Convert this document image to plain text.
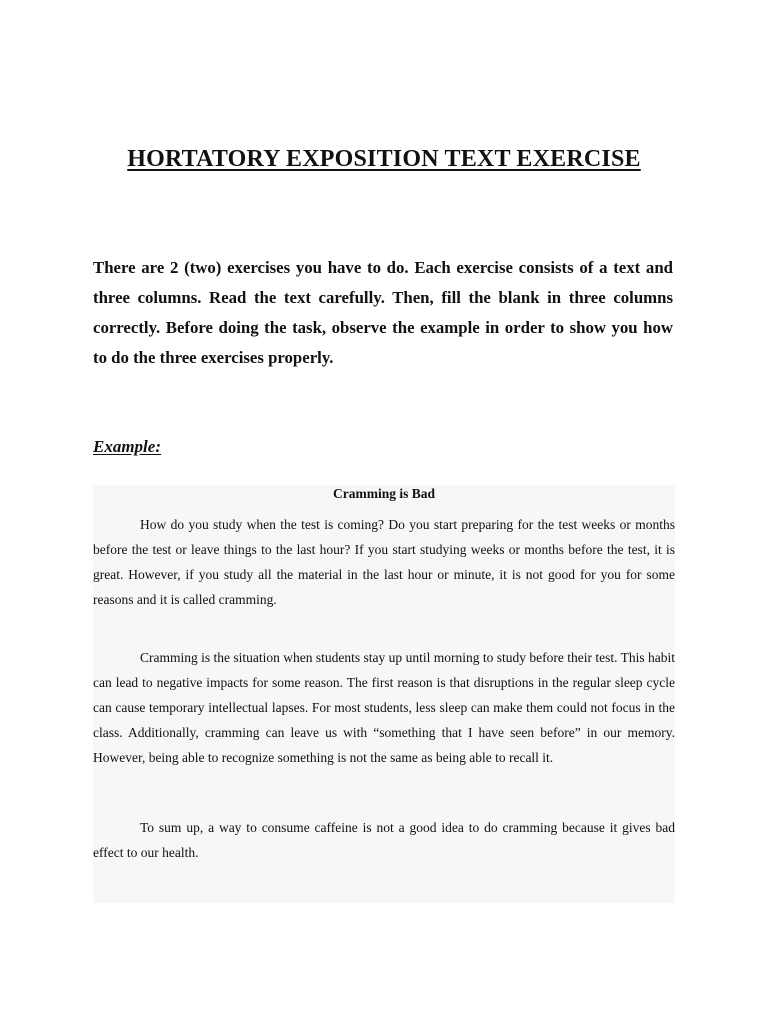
HORTATORY EXPOSITION TEXT EXERCISE

There are 2 (two) exercises you have to do. Each exercise consists of a text and three columns. Read the text carefully. Then, fill the blank in three columns correctly. Before doing the task, observe the example in order to show you how to do the three exercises properly.

Example:

Cramming is Bad

How do you study when the test is coming? Do you start preparing for the test weeks or months before the test or leave things to the last hour? If you start studying weeks or months before the test, it is great. However, if you study all the material in the last hour or minute, it is not good for you for some reasons and it is called cramming.

Cramming is the situation when students stay up until morning to study before their test. This habit can lead to negative impacts for some reason. The first reason is that disruptions in the regular sleep cycle can cause temporary intellectual lapses. For most students, less sleep can make them could not focus in the class. Additionally, cramming can leave us with “something that I have seen before” in our memory. However, being able to recognize something is not the same as being able to recall it.

To sum up, a way to consume caffeine is not a good idea to do cramming because it gives bad effect to our health.
